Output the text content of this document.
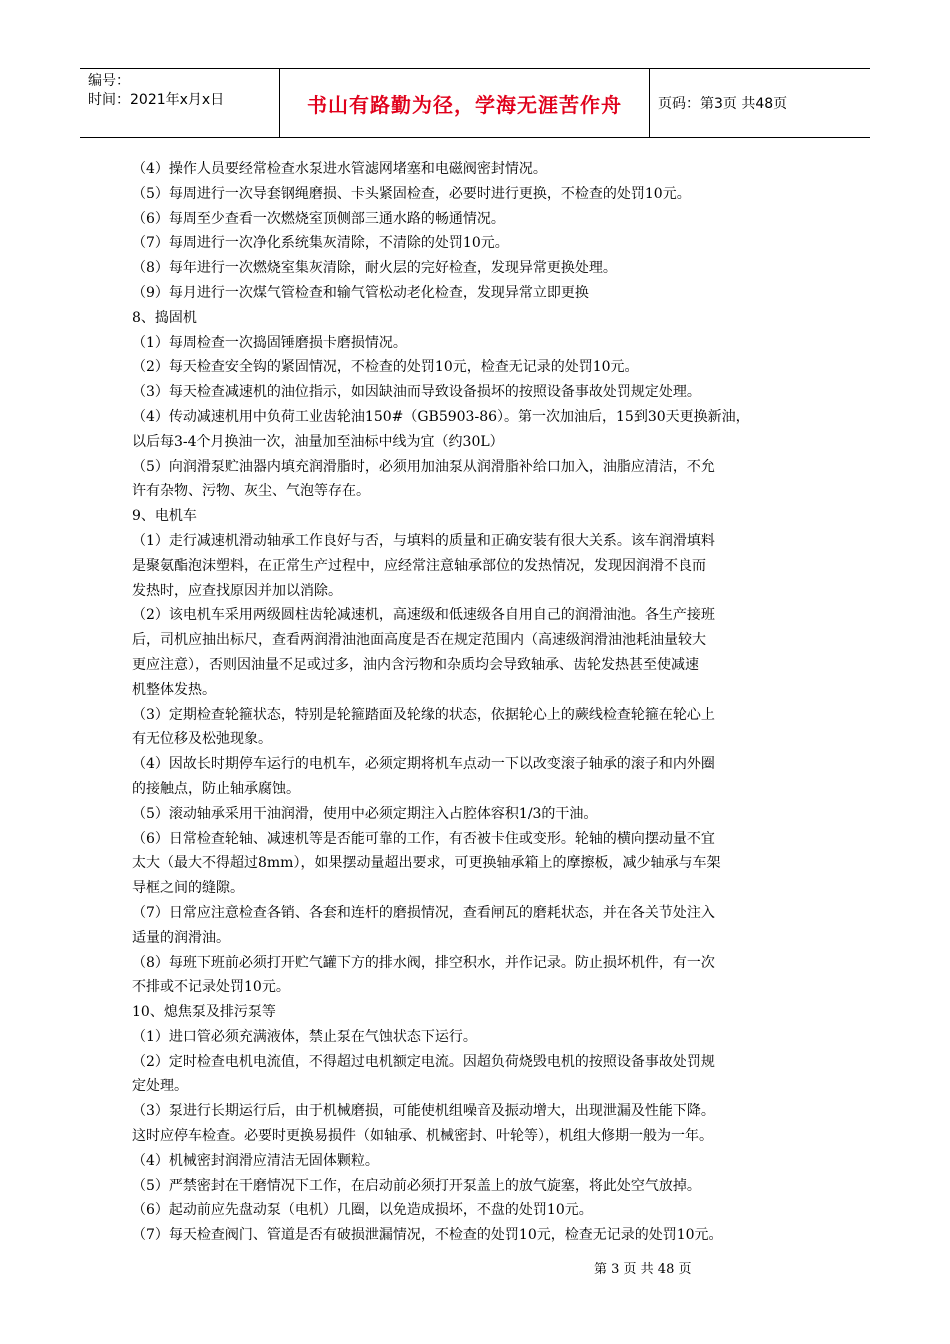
编号：
时间：2021年x月x日	书山有路勤为径，学海无涯苦作舟	页码：第3页 共48页

（4）操作人员要经常检查水泵进水管滤网堵塞和电磁阀密封情况。

（5）每周进行一次导套钢绳磨损、卡头紧固检查，必要时进行更换，不检查的处罚10元。

（6）每周至少查看一次燃烧室顶侧部三通水路的畅通情况。

（7）每周进行一次净化系统集灰清除，不清除的处罚10元。

（8）每年进行一次燃烧室集灰清除，耐火层的完好检查，发现异常更换处理。

（9）每月进行一次煤气管检查和输气管松动老化检查，发现异常立即更换

8、捣固机

（1）每周检查一次捣固锤磨损卡磨损情况。

（2）每天检查安全钩的紧固情况，不检查的处罚10元，检查无记录的处罚10元。

（3）每天检查减速机的油位指示，如因缺油而导致设备损坏的按照设备事故处罚规定处理。

（4）传动减速机用中负荷工业齿轮油150#（GB5903-86）。第一次加油后，15到30天更换新油，

以后每3-4个月换油一次，油量加至油标中线为宜（约30L）

（5）向润滑泵贮油器内填充润滑脂时，必须用加油泵从润滑脂补给口加入，油脂应清洁，不允

许有杂物、污物、灰尘、气泡等存在。

9、电机车

（1）走行减速机滑动轴承工作良好与否，与填料的质量和正确安装有很大关系。该车润滑填料

是聚氨酯泡沫塑料，在正常生产过程中，应经常注意轴承部位的发热情况，发现因润滑不良而

发热时，应查找原因并加以消除。

（2）该电机车采用两级圆柱齿轮减速机，高速级和低速级各自用自己的润滑油池。各生产接班

后，司机应抽出标尺，查看两润滑油池面高度是否在规定范围内（高速级润滑油池耗油量较大

更应注意），否则因油量不足或过多，油内含污物和杂质均会导致轴承、齿轮发热甚至使减速

机整体发热。

（3）定期检查轮箍状态，特别是轮箍踏面及轮缘的状态，依据轮心上的蕨线检查轮箍在轮心上

有无位移及松弛现象。

（4）因故长时期停车运行的电机车，必须定期将机车点动一下以改变滚子轴承的滚子和内外圈

的接触点，防止轴承腐蚀。

（5）滚动轴承采用干油润滑，使用中必须定期注入占腔体容积1/3的干油。

（6）日常检查轮轴、减速机等是否能可靠的工作，有否被卡住或变形。轮轴的横向摆动量不宜

太大（最大不得超过8mm），如果摆动量超出要求，可更换轴承箱上的摩擦板，减少轴承与车架

导框之间的缝隙。

（7）日常应注意检查各销、各套和连杆的磨损情况，查看闸瓦的磨耗状态，并在各关节处注入

适量的润滑油。

（8）每班下班前必须打开贮气罐下方的排水阀，排空积水，并作记录。防止损坏机件，有一次

不排或不记录处罚10元。

10、熄焦泵及排污泵等

（1）进口管必须充满液体，禁止泵在气蚀状态下运行。

（2）定时检查电机电流值，不得超过电机额定电流。因超负荷烧毁电机的按照设备事故处罚规

定处理。

（3）泵进行长期运行后，由于机械磨损，可能使机组噪音及振动增大，出现泄漏及性能下降。

这时应停车检查。必要时更换易损件（如轴承、机械密封、叶轮等），机组大修期一般为一年。

（4）机械密封润滑应清洁无固体颗粒。

（5）严禁密封在干磨情况下工作，在启动前必须打开泵盖上的放气旋塞，将此处空气放掉。

（6）起动前应先盘动泵（电机）几圈，以免造成损坏，不盘的处罚10元。

（7）每天检查阀门、管道是否有破损泄漏情况，不检查的处罚10元，检查无记录的处罚10元。

第 3 页 共 48 页
